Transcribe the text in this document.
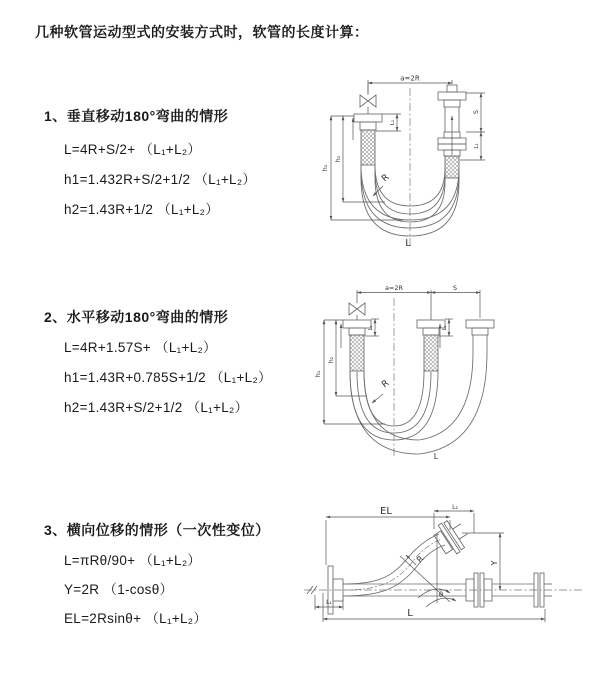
几种软管运动型式的安装方式时，软管的长度计算：
1、垂直移动180°弯曲的情形
L=4R+S/2+ （L₁+L₂）
h1=1.432R+S/2+1/2 （L₁+L₂）
h2=1.43R+1/2 （L₁+L₂）
a=2R
h₁
h₂
L₁
S
L₁
R
L
2、水平移动180°弯曲的情形
L=4R+1.57S+ （L₁+L₂）
h1=1.43R+0.785S+1/2 （L₁+L₂）
h2=1.43R+S/2+1/2 （L₁+L₂）
a=2R	S
h₁
h₂
L₁	L₁
R
L
3、横向位移的情形（一次性变位）
L=πRθ/90+ （L₁+L₂）
Y=2R （1-cosθ）
EL=2Rsinθ+ （L₁+L₂）
EL	L₂
Y
L₁
R
θ
L
